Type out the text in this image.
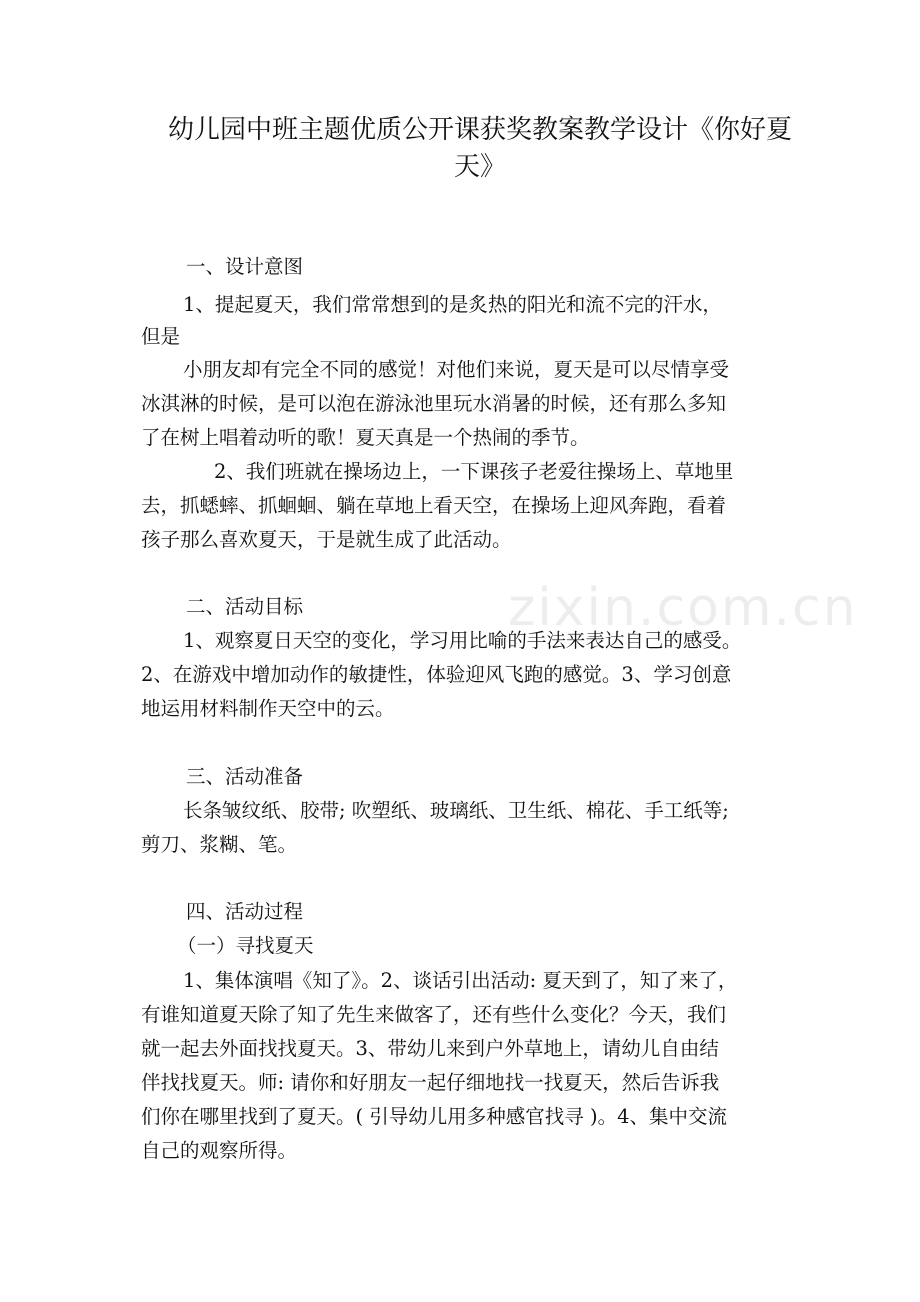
zixin.com.cn
幼儿园中班主题优质公开课获奖教案教学设计《你好夏天》
一、设计意图
1、提起夏天，我们常常想到的是炙热的阳光和流不完的汗水，
但是
小朋友却有完全不同的感觉！对他们来说，夏天是可以尽情享受
冰淇淋的时候，是可以泡在游泳池里玩水消暑的时候，还有那么多知
了在树上唱着动听的歌！夏天真是一个热闹的季节。
2、我们班就在操场边上，一下课孩子老爱往操场上、草地里
去，抓蟋蟀、抓蛔蛔、躺在草地上看天空，在操场上迎风奔跑，看着
孩子那么喜欢夏天，于是就生成了此活动。
二、活动目标
1、观察夏日天空的变化，学习用比喻的手法来表达自己的感受。
2、在游戏中增加动作的敏捷性，体验迎风飞跑的感觉。3、学习创意
地运用材料制作天空中的云。
三、活动准备
长条皱纹纸、胶带; 吹塑纸、玻璃纸、卫生纸、棉花、手工纸等;
剪刀、浆糊、笔。
四、活动过程
（一）寻找夏天
1、集体演唱《知了》。2、谈话引出活动: 夏天到了，知了来了，
有谁知道夏天除了知了先生来做客了，还有些什么变化？今天，我们
就一起去外面找找夏天。3、带幼儿来到户外草地上，请幼儿自由结
伴找找夏天。师: 请你和好朋友一起仔细地找一找夏天，然后告诉我
们你在哪里找到了夏天。( 引导幼儿用多种感官找寻 )。4、集中交流
自己的观察所得。
